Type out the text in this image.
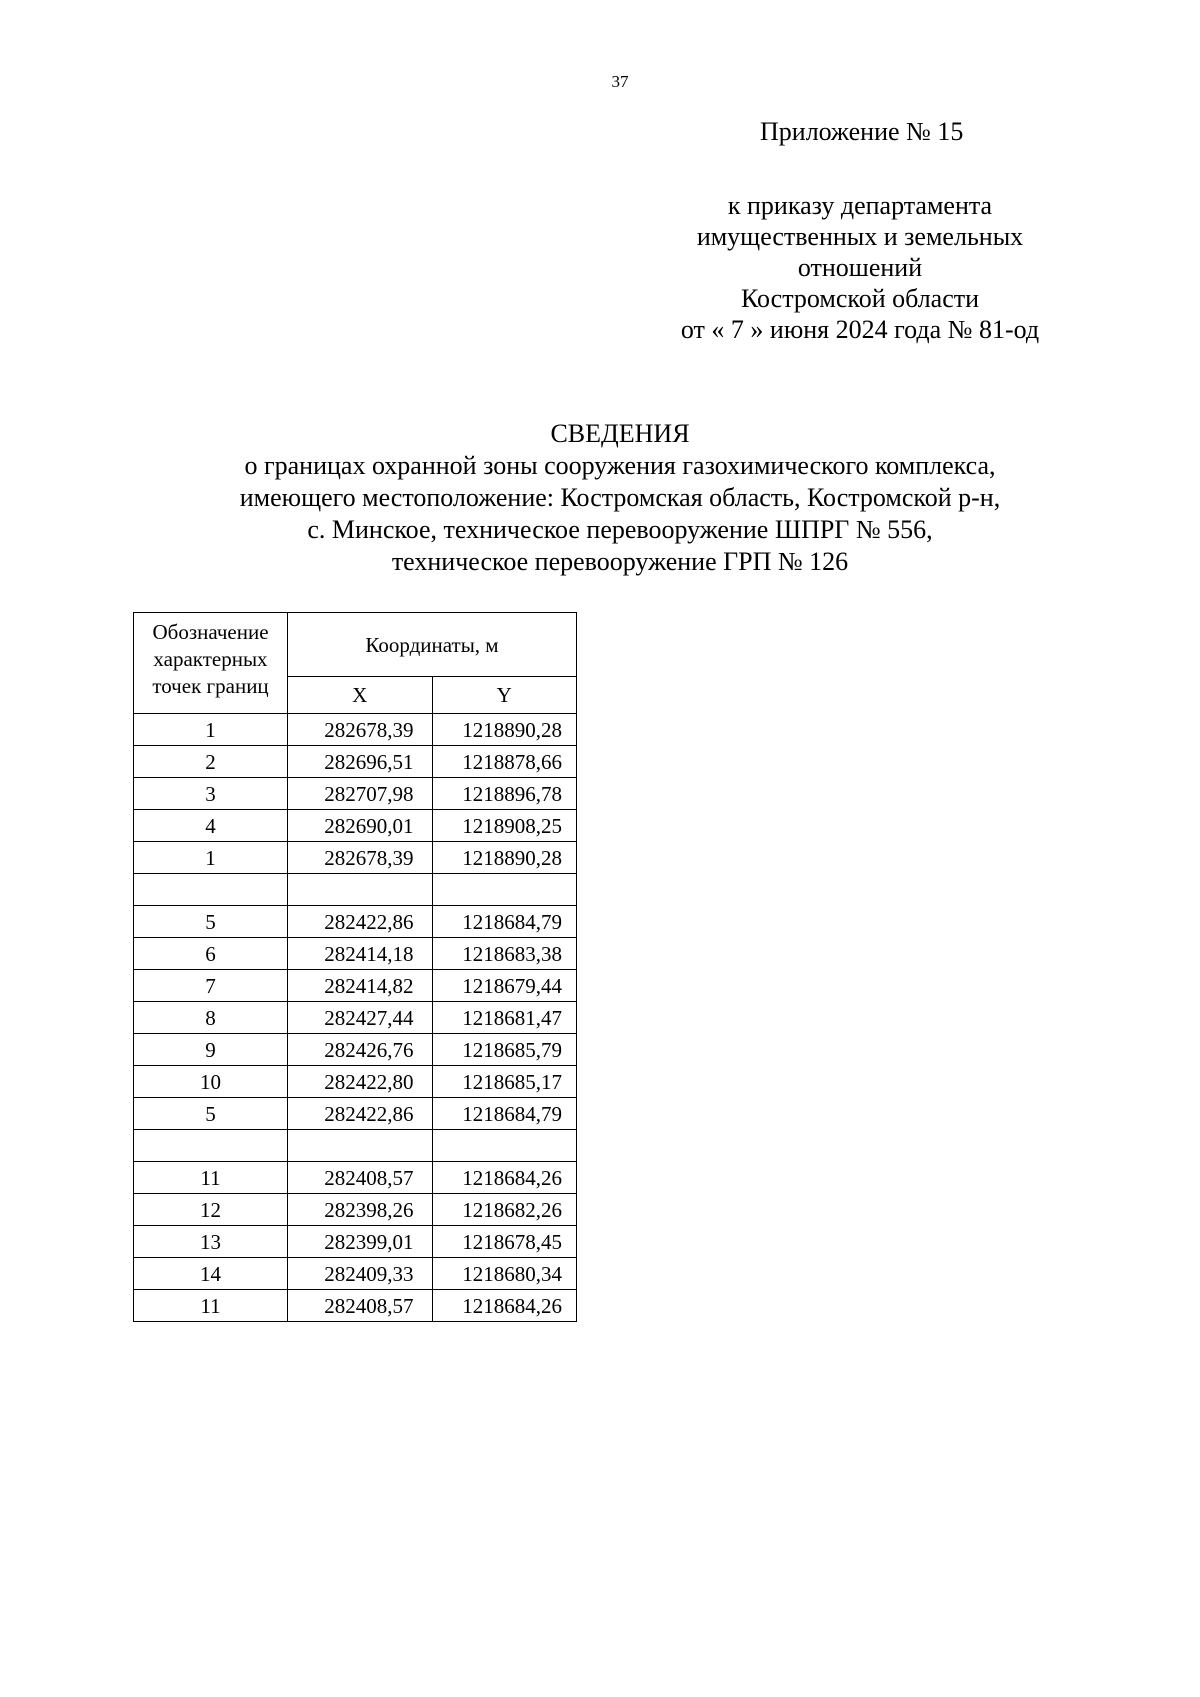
37
Приложение № 15
к приказу департамента
имущественных и земельных
отношений
Костромской области
от « 7 » июня 2024 года № 81-од
СВЕДЕНИЯ
о границах охранной зоны сооружения газохимического комплекса,
имеющего местоположение: Костромская область, Костромской р-н,
с. Минское, техническое перевооружение ШПРГ № 556,
техническое перевооружение ГРП № 126
Обозначение характерных точек границ	Координаты, м	
	X	Y
1	282678,39	1218890,28
2	282696,51	1218878,66
3	282707,98	1218896,78
4	282690,01	1218908,25
1	282678,39	1218890,28

5	282422,86	1218684,79
6	282414,18	1218683,38
7	282414,82	1218679,44
8	282427,44	1218681,47
9	282426,76	1218685,79
10	282422,80	1218685,17
5	282422,86	1218684,79

11	282408,57	1218684,26
12	282398,26	1218682,26
13	282399,01	1218678,45
14	282409,33	1218680,34
11	282408,57	1218684,26
